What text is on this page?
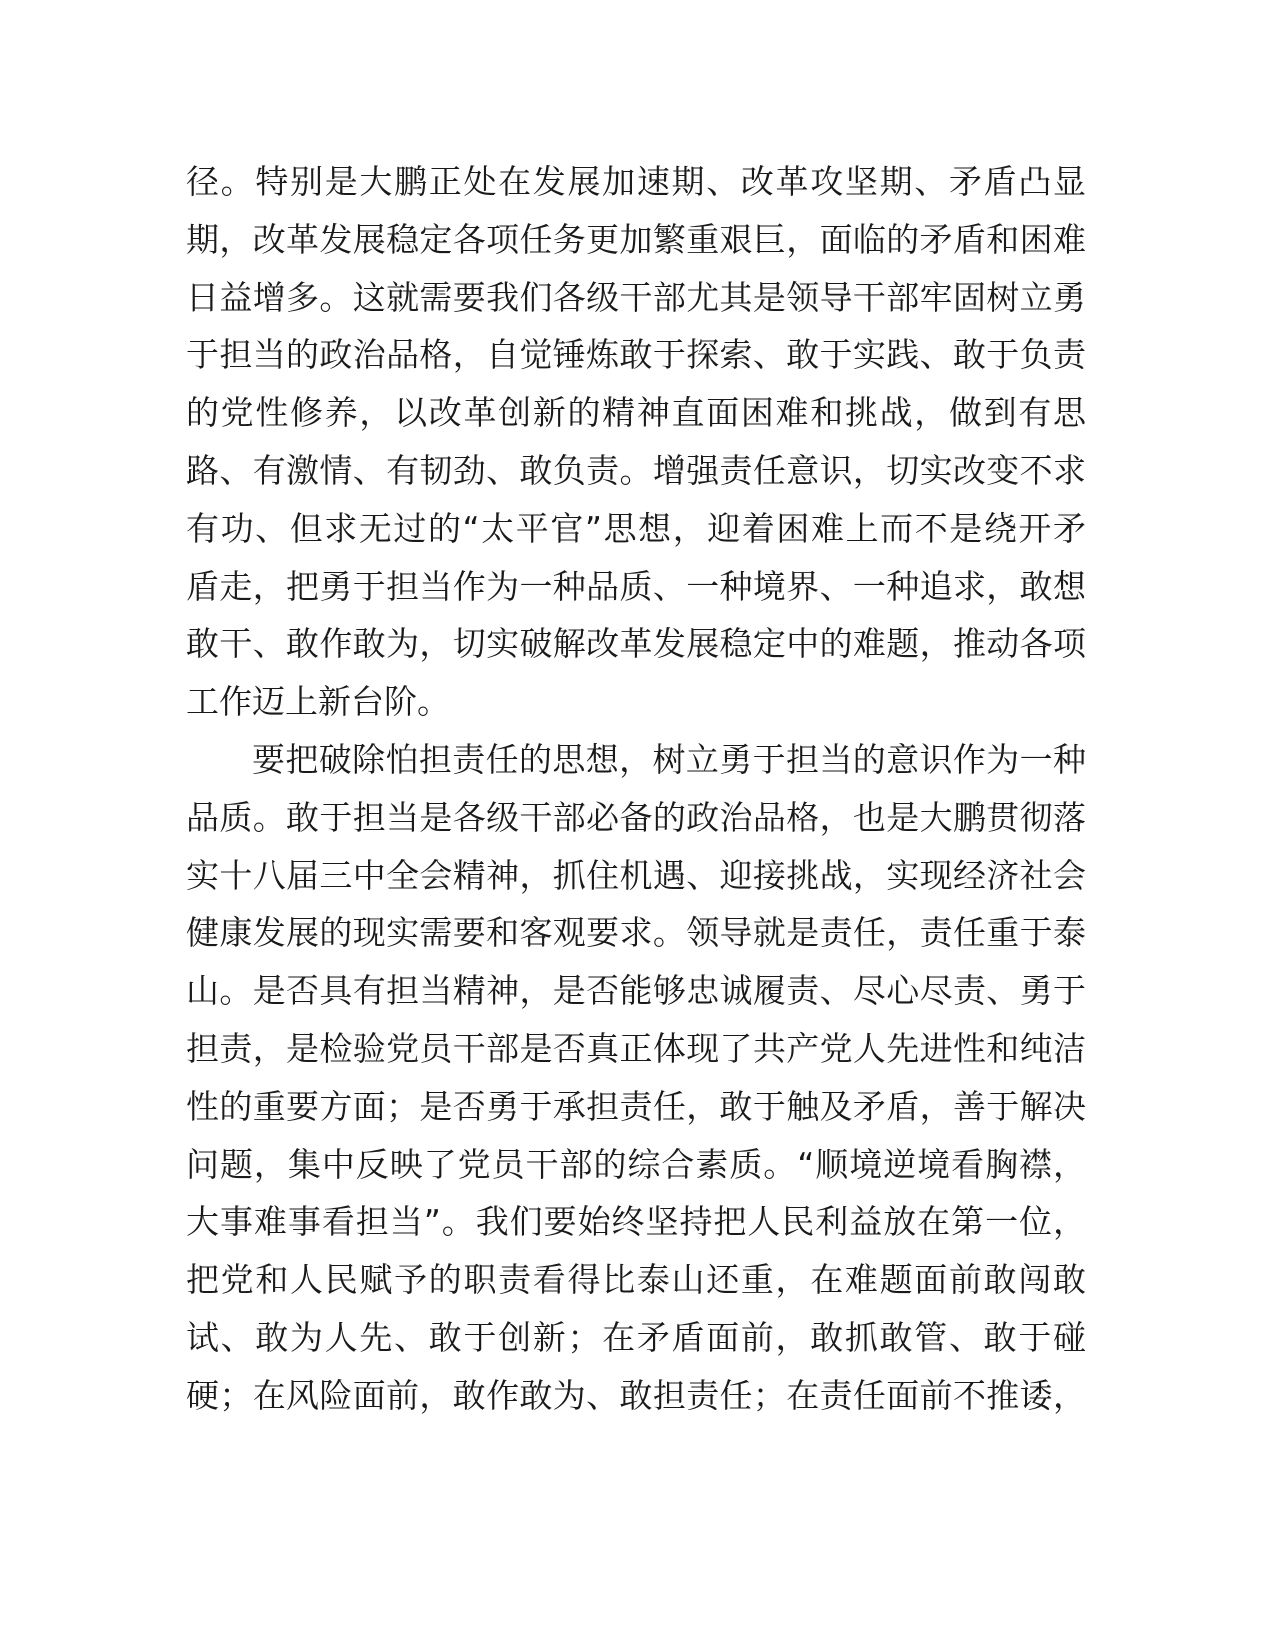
径。特别是大鹏正处在发展加速期、改革攻坚期、矛盾凸显
期，改革发展稳定各项任务更加繁重艰巨，面临的矛盾和困难
日益增多。这就需要我们各级干部尤其是领导干部牢固树立勇
于担当的政治品格，自觉锤炼敢于探索、敢于实践、敢于负责
的党性修养，以改革创新的精神直面困难和挑战，做到有思
路、有激情、有韧劲、敢负责。增强责任意识，切实改变不求
有功、但求无过的“太平官”思想，迎着困难上而不是绕开矛
盾走，把勇于担当作为一种品质、一种境界、一种追求，敢想
敢干、敢作敢为，切实破解改革发展稳定中的难题，推动各项
工作迈上新台阶。
要把破除怕担责任的思想，树立勇于担当的意识作为一种
品质。敢于担当是各级干部必备的政治品格，也是大鹏贯彻落
实十八届三中全会精神，抓住机遇、迎接挑战，实现经济社会
健康发展的现实需要和客观要求。领导就是责任，责任重于泰
山。是否具有担当精神，是否能够忠诚履责、尽心尽责、勇于
担责，是检验党员干部是否真正体现了共产党人先进性和纯洁
性的重要方面；是否勇于承担责任，敢于触及矛盾，善于解决
问题，集中反映了党员干部的综合素质。“顺境逆境看胸襟，
大事难事看担当”。我们要始终坚持把人民利益放在第一位，
把党和人民赋予的职责看得比泰山还重，在难题面前敢闯敢
试、敢为人先、敢于创新；在矛盾面前，敢抓敢管、敢于碰
硬；在风险面前，敢作敢为、敢担责任；在责任面前不推诿，
